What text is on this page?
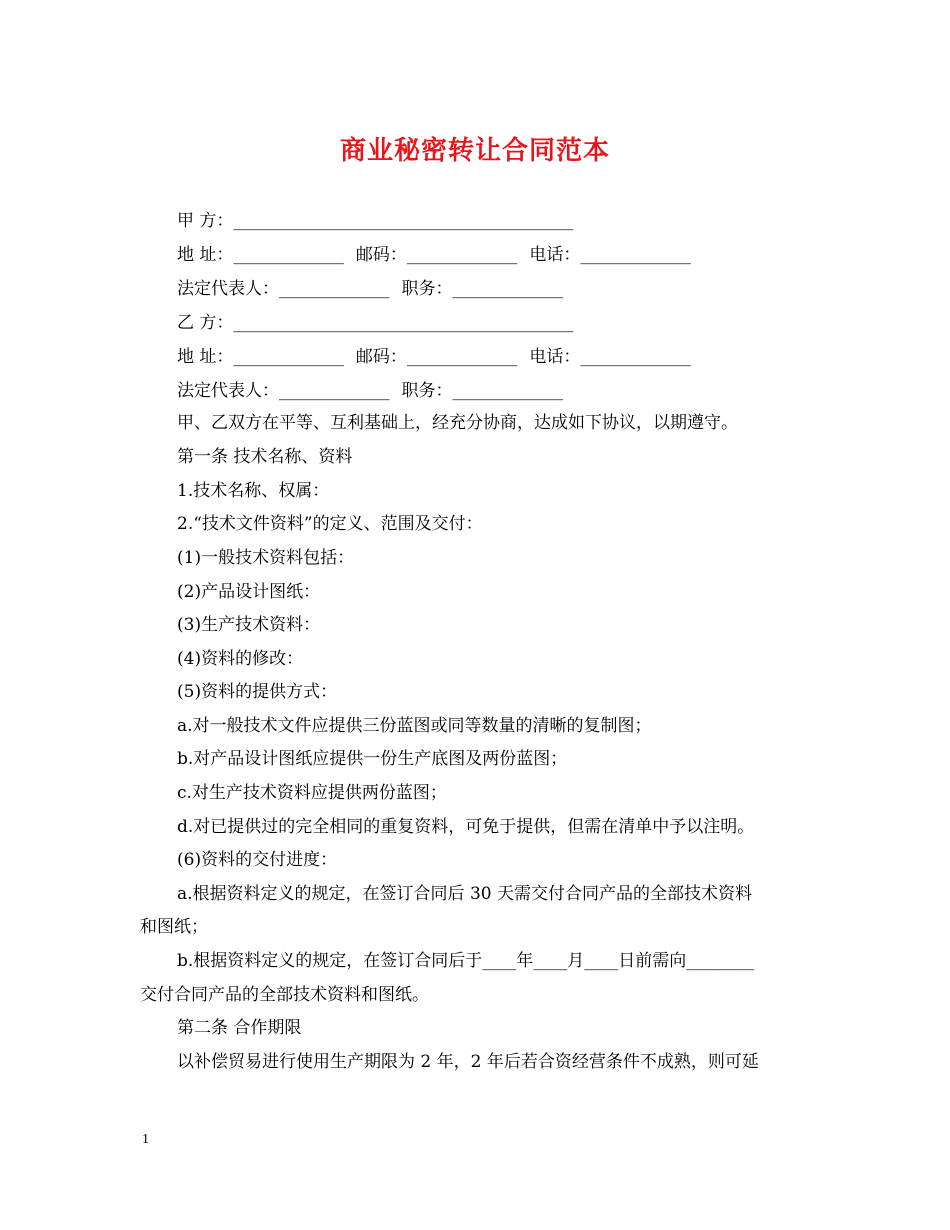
商业秘密转让合同范本
甲 方：________________________________________
地 址：_____________ 邮码：_____________ 电话：_____________
法定代表人：_____________ 职务：_____________
乙 方：________________________________________
地 址：_____________ 邮码：_____________ 电话：_____________
法定代表人：_____________ 职务：_____________
甲、乙双方在平等、互利基础上，经充分协商，达成如下协议，以期遵守。
第一条 技术名称、资料
1.技术名称、权属：
2.“技术文件资料”的定义、范围及交付：
(1)一般技术资料包括：
(2)产品设计图纸：
(3)生产技术资料：
(4)资料的修改：
(5)资料的提供方式：
a.对一般技术文件应提供三份蓝图或同等数量的清晰的复制图；
b.对产品设计图纸应提供一份生产底图及两份蓝图；
c.对生产技术资料应提供两份蓝图；
d.对已提供过的完全相同的重复资料，可免于提供，但需在清单中予以注明。
(6)资料的交付进度：
a.根据资料定义的规定，在签订合同后 30 天需交付合同产品的全部技术资料
和图纸；
b.根据资料定义的规定，在签订合同后于____年____月____日前需向________
交付合同产品的全部技术资料和图纸。
第二条 合作期限
以补偿贸易进行使用生产期限为 2 年，2 年后若合资经营条件不成熟，则可延
1
